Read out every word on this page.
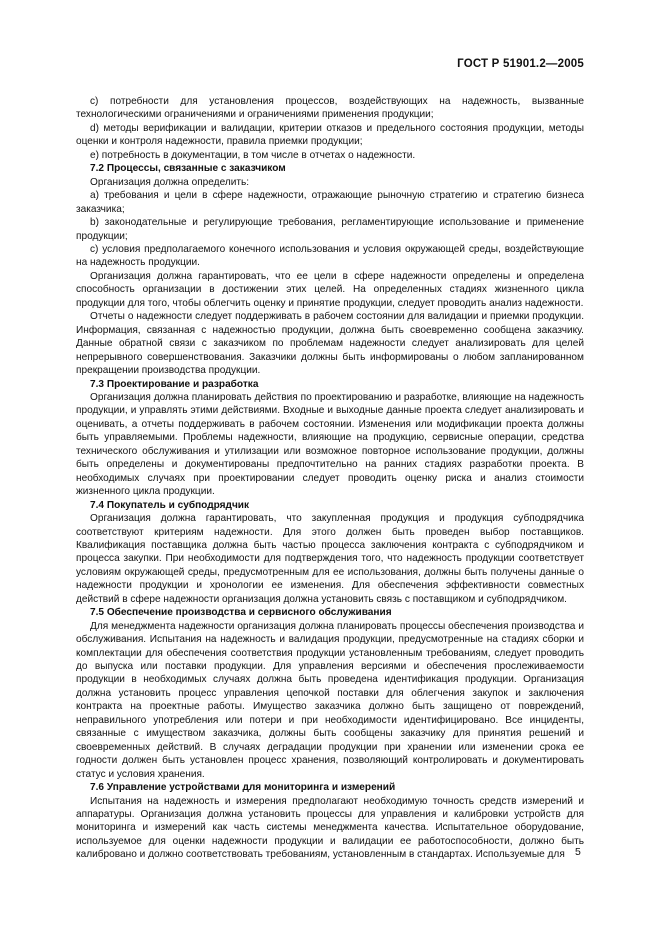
ГОСТ Р 51901.2—2005

c) потребности для установления процессов, воздействующих на надежность, вызванные технологическими ограничениями и ограничениями применения продукции;

d) методы верификации и валидации, критерии отказов и предельного состояния продукции, методы оценки и контроля надежности, правила приемки продукции;

e) потребность в документации, в том числе в отчетах о надежности.

7.2 Процессы, связанные с заказчиком

Организация должна определить:

a) требования и цели в сфере надежности, отражающие рыночную стратегию и стратегию бизнеса заказчика;

b) законодательные и регулирующие требования, регламентирующие использование и применение продукции;

c) условия предполагаемого конечного использования и условия окружающей среды, воздействующие на надежность продукции.

Организация должна гарантировать, что ее цели в сфере надежности определены и определена способность организации в достижении этих целей. На определенных стадиях жизненного цикла продукции для того, чтобы облегчить оценку и принятие продукции, следует проводить анализ надежности.

Отчеты о надежности следует поддерживать в рабочем состоянии для валидации и приемки продукции. Информация, связанная с надежностью продукции, должна быть своевременно сообщена заказчику. Данные обратной связи с заказчиком по проблемам надежности следует анализировать для целей непрерывного совершенствования. Заказчики должны быть информированы о любом запланированном прекращении производства продукции.

7.3 Проектирование и разработка

Организация должна планировать действия по проектированию и разработке, влияющие на надежность продукции, и управлять этими действиями. Входные и выходные данные проекта следует анализировать и оценивать, а отчеты поддерживать в рабочем состоянии. Изменения или модификации проекта должны быть управляемыми. Проблемы надежности, влияющие на продукцию, сервисные операции, средства технического обслуживания и утилизации или возможное повторное использование продукции, должны быть определены и документированы предпочтительно на ранних стадиях разработки проекта. В необходимых случаях при проектировании следует проводить оценку риска и анализ стоимости жизненного цикла продукции.

7.4 Покупатель и субподрядчик

Организация должна гарантировать, что закупленная продукция и продукция субподрядчика соответствуют критериям надежности. Для этого должен быть проведен выбор поставщиков. Квалификация поставщика должна быть частью процесса заключения контракта с субподрядчиком и процесса закупки. При необходимости для подтверждения того, что надежность продукции соответствует условиям окружающей среды, предусмотренным для ее использования, должны быть получены данные о надежности продукции и хронологии ее изменения. Для обеспечения эффективности совместных действий в сфере надежности организация должна установить связь с поставщиком и субподрядчиком.

7.5 Обеспечение производства и сервисного обслуживания

Для менеджмента надежности организация должна планировать процессы обеспечения производства и обслуживания. Испытания на надежность и валидация продукции, предусмотренные на стадиях сборки и комплектации для обеспечения соответствия продукции установленным требованиям, следует проводить до выпуска или поставки продукции. Для управления версиями и обеспечения прослеживаемости продукции в необходимых случаях должна быть проведена идентификация продукции. Организация должна установить процесс управления цепочкой поставки для облегчения закупок и заключения контракта на проектные работы. Имущество заказчика должно быть защищено от повреждений, неправильного употребления или потери и при необходимости идентифицировано. Все инциденты, связанные с имуществом заказчика, должны быть сообщены заказчику для принятия решений и своевременных действий. В случаях деградации продукции при хранении или изменении срока ее годности должен быть установлен процесс хранения, позволяющий контролировать и документировать статус и условия хранения.

7.6 Управление устройствами для мониторинга и измерений

Испытания на надежность и измерения предполагают необходимую точность средств измерений и аппаратуры. Организация должна установить процессы для управления и калибровки устройств для мониторинга и измерений как часть системы менеджмента качества. Испытательное оборудование, используемое для оценки надежности продукции и валидации ее работоспособности, должно быть калибровано и должно соответствовать требованиям, установленным в стандартах. Используемые для 5
